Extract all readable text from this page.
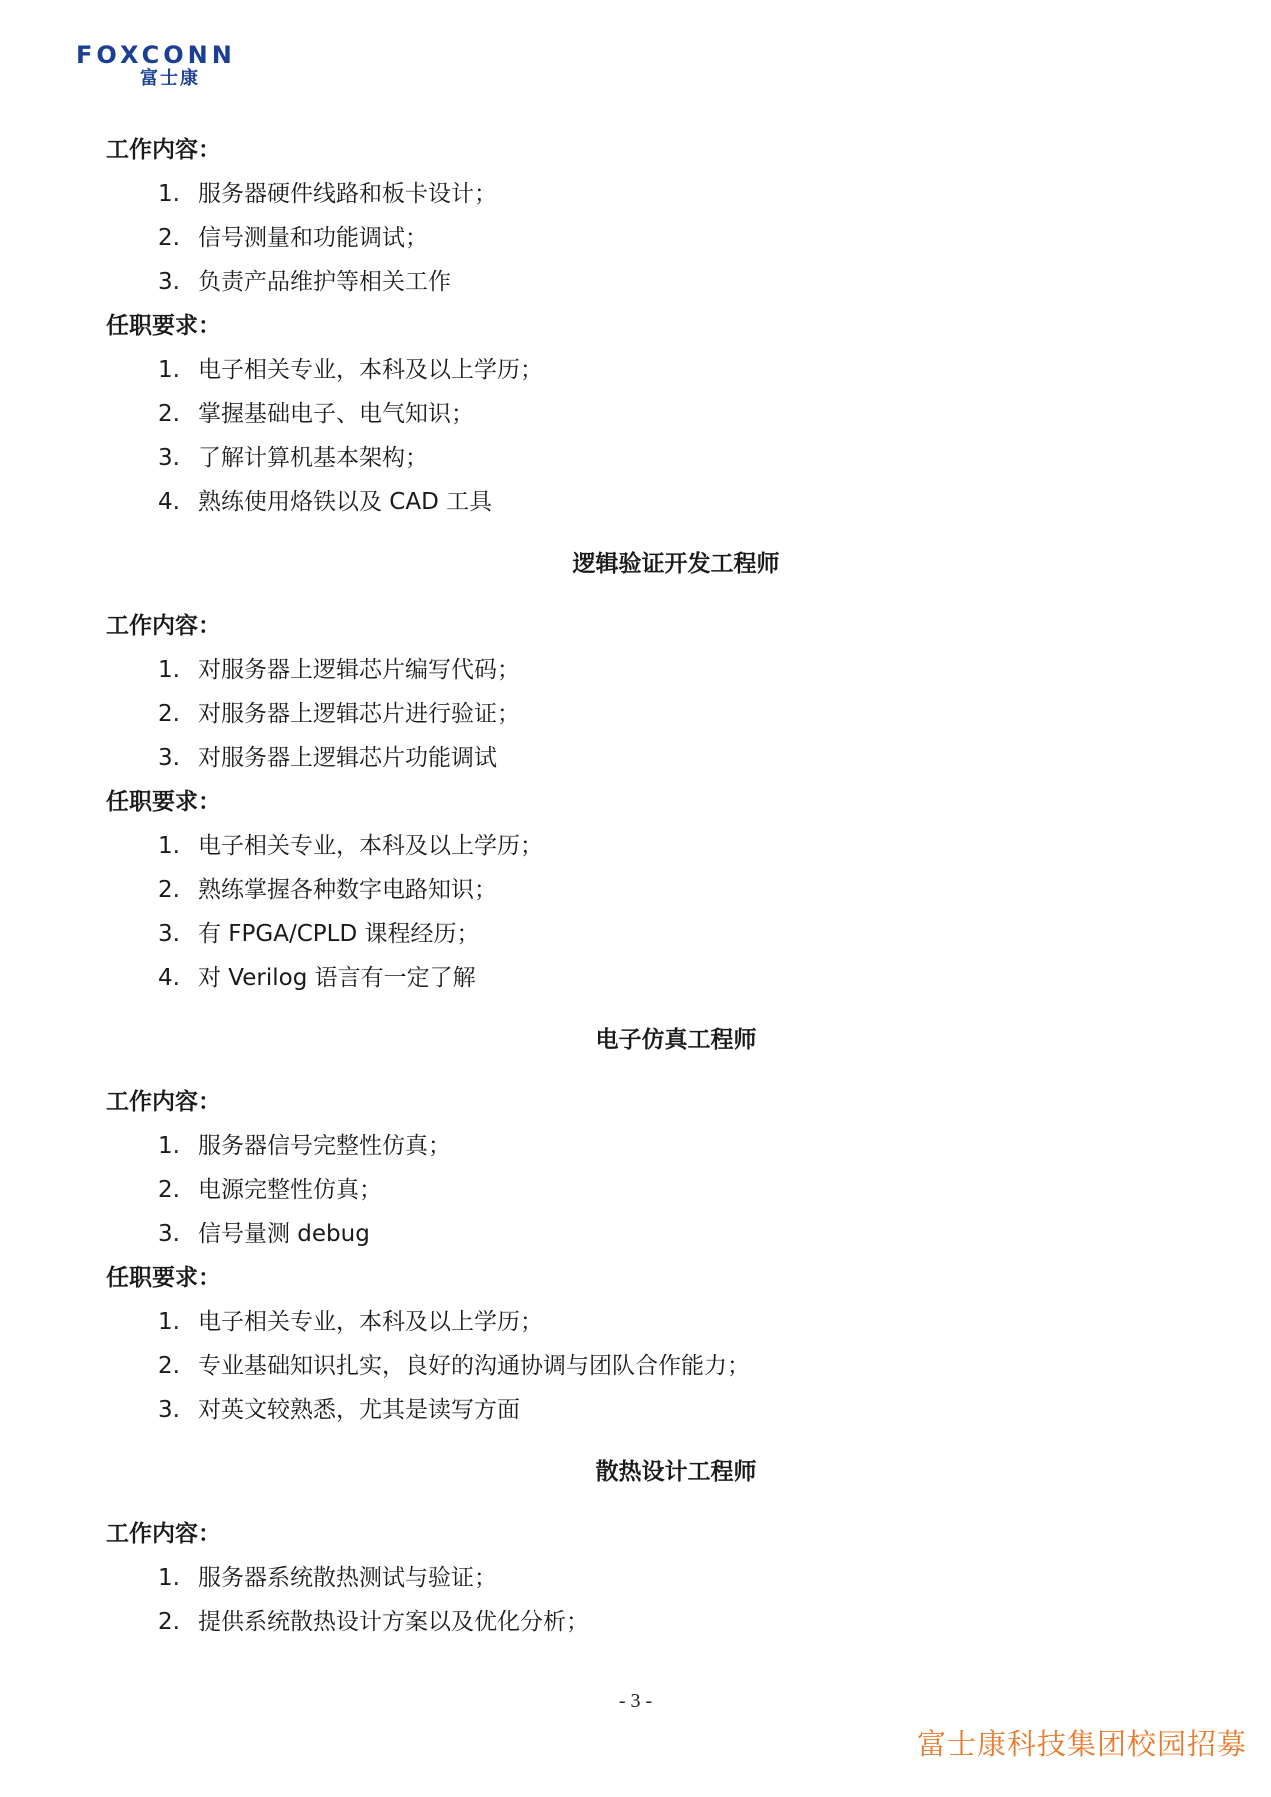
FOXCONN
富士康
工作内容：
1. 服务器硬件线路和板卡设计；
2. 信号测量和功能调试；
3. 负责产品维护等相关工作
任职要求：
1. 电子相关专业，本科及以上学历；
2. 掌握基础电子、电气知识；
3. 了解计算机基本架构；
4. 熟练使用烙铁以及 CAD 工具
逻辑验证开发工程师
工作内容：
1. 对服务器上逻辑芯片编写代码；
2. 对服务器上逻辑芯片进行验证；
3. 对服务器上逻辑芯片功能调试
任职要求：
1. 电子相关专业，本科及以上学历；
2. 熟练掌握各种数字电路知识；
3. 有 FPGA/CPLD 课程经历；
4. 对 Verilog 语言有一定了解
电子仿真工程师
工作内容：
1. 服务器信号完整性仿真；
2. 电源完整性仿真；
3. 信号量测 debug
任职要求：
1. 电子相关专业，本科及以上学历；
2. 专业基础知识扎实，良好的沟通协调与团队合作能力；
3. 对英文较熟悉，尤其是读写方面
散热设计工程师
工作内容：
1. 服务器系统散热测试与验证；
2. 提供系统散热设计方案以及优化分析；
- 3 -
富士康科技集团校园招募
